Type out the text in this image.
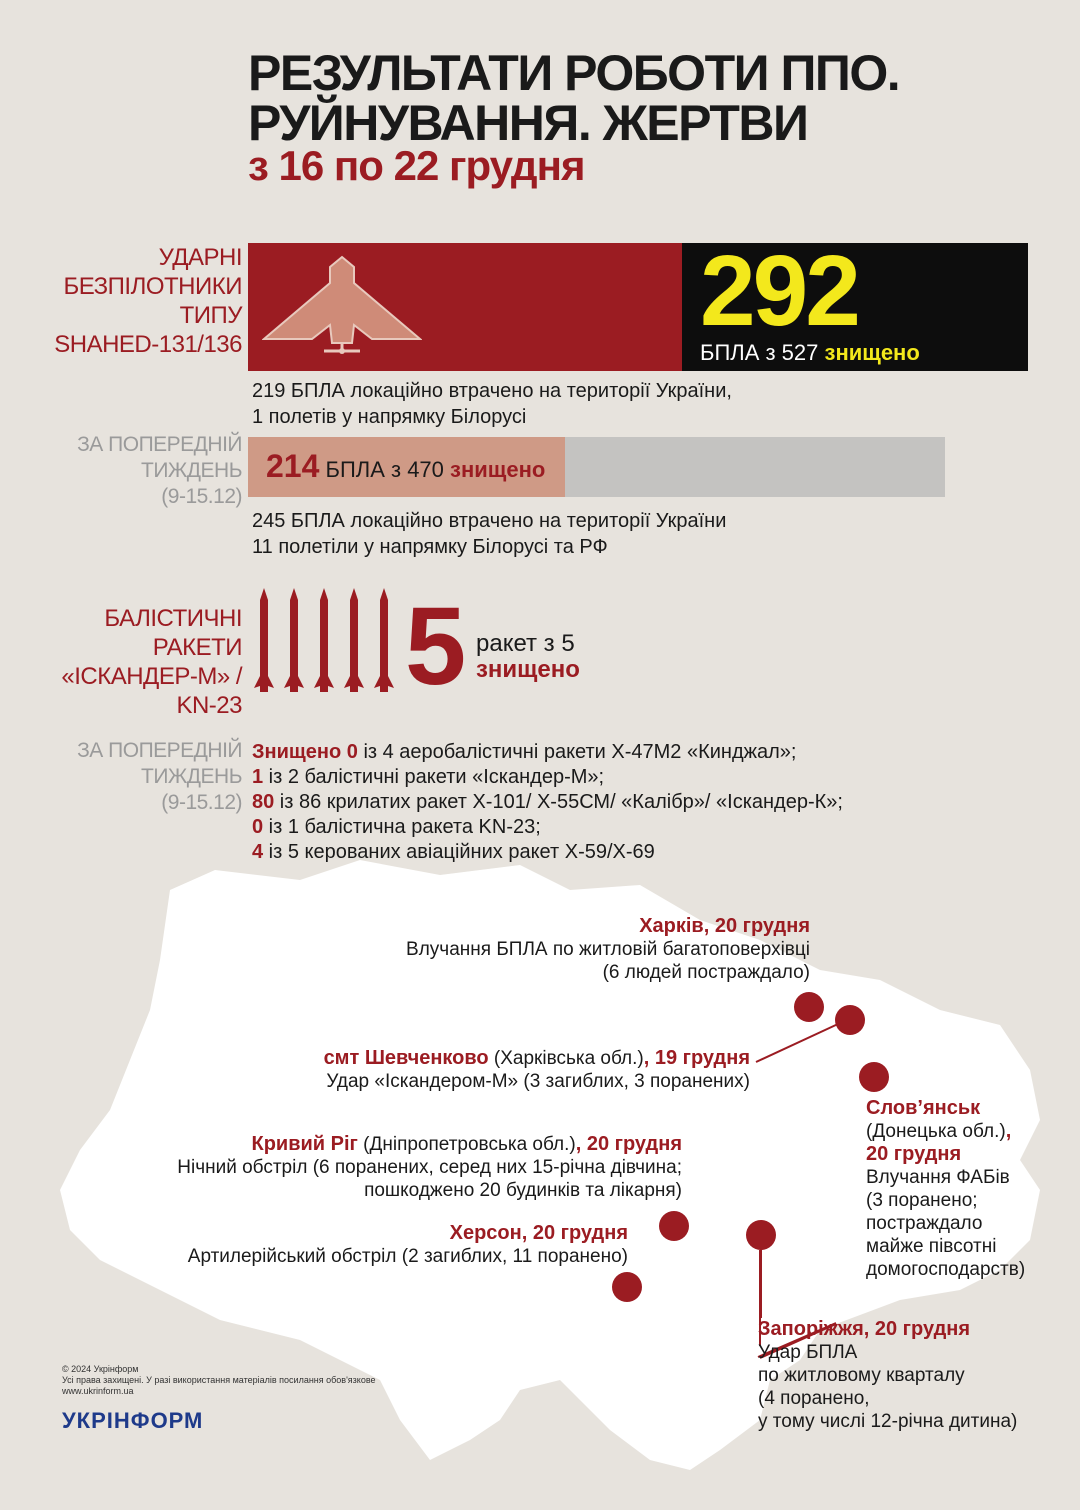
РЕЗУЛЬТАТИ РОБОТИ ППО.
РУЙНУВАННЯ. ЖЕРТВИ
з 16 по 22 грудня
УДАРНІ
БЕЗПІЛОТНИКИ
ТИПУ
SHAHED-131/136	292
БПЛА з 527 знищено
219 БПЛА локаційно втрачено на території України,
1 полетів у напрямку Білорусі
ЗА ПОПЕРЕДНІЙ
ТИЖДЕНЬ
(9-15.12)
214 БПЛА з 470 знищено
245 БПЛА локаційно втрачено на території України
11 полетіли у напрямку Білорусі та РФ
БАЛІСТИЧНІ
РАКЕТИ
«ІСКАНДЕР-М» /
KN-23 5 ракет з 5
знищено
ЗА ПОПЕРЕДНІЙ
ТИЖДЕНЬ
(9-15.12)
Знищено 0 із 4 аеробалістичні ракети Х-47М2 «Кинджал»;
1 із 2 балістичні ракети «Іскандер-М»;
80 із 86 крилатих ракет Х-101/ Х-55СМ/ «Калібр»/ «Іскандер-К»;
0 із 1 балістична ракета KN-23;
4 із 5 керованих авіаційних ракет Х-59/Х-69
Харків, 20 грудня
Влучання БПЛА по житловій багатоповерхівці
(6 людей постраждало)
смт Шевченково (Харківська обл.), 19 грудня
Удар «Іскандером-М» (3 загиблих, 3 поранених)
Кривий Ріг (Дніпропетровська обл.), 20 грудня
Нічний обстріл (6 поранених, серед них 15-річна дівчина;
пошкоджено 20 будинків та лікарня)
Херсон, 20 грудня
Артилерійський обстріл (2 загиблих, 11 поранено)
Слов’янськ
(Донецька обл.),
20 грудня
Влучання ФАБів
(3 поранено;
постраждало
майже півсотні
домогосподарств)
Запоріжжя, 20 грудня
Удар БПЛА
по житловому кварталу
(4 поранено,
у тому числі 12-річна дитина)
© 2024 Укрінформ
Усі права захищені. У разі використання матеріалів посилання обов'язкове
www.ukrinform.ua
УКРІНФОРМ
